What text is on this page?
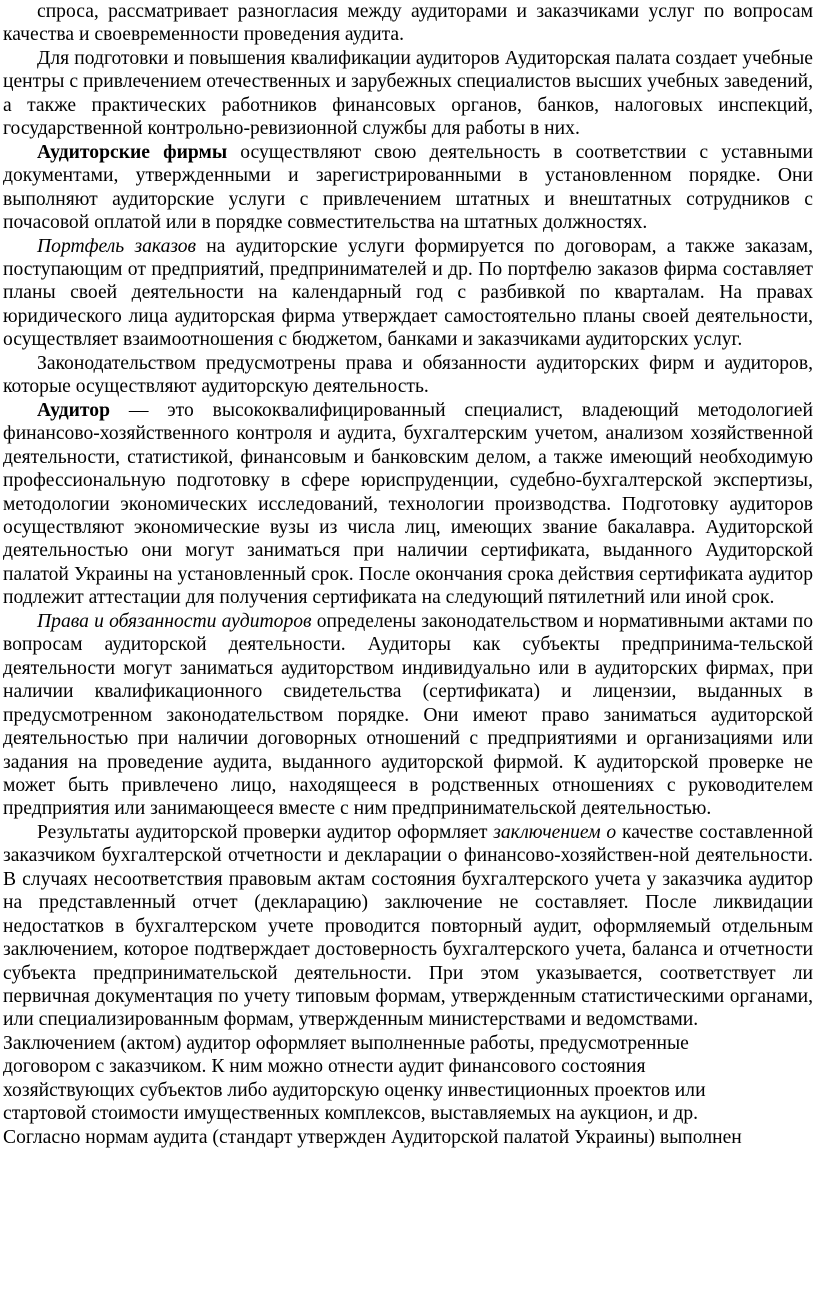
спроса, рассматривает разногласия между аудиторами и заказчиками услуг по вопросам качества и своевременности проведения аудита.

Для подготовки и повышения квалификации аудиторов Аудиторская палата создает учебные центры с привлечением отечественных и зарубежных специалистов высших учебных заведений, а также практических работников финансовых органов, банков, налоговых инспекций, государственной контрольно-ревизионной службы для работы в них.

Аудиторские фирмы осуществляют свою деятельность в соответствии с уставными документами, утвержденными и зарегистрированными в установленном порядке. Они выполняют аудиторские услуги с привлечением штатных и внештатных сотрудников с почасовой оплатой или в порядке совместительства на штатных должностях.

Портфель заказов на аудиторские услуги формируется по договорам, а также заказам, поступающим от предприятий, предпринимателей и др. По портфелю заказов фирма составляет планы своей деятельности на календарный год с разбивкой по кварталам. На правах юридического лица аудиторская фирма утверждает самостоятельно планы своей деятельности, осуществляет взаимоотношения с бюджетом, банками и заказчиками аудиторских услуг.

Законодательством предусмотрены права и обязанности аудиторских фирм и аудиторов, которые осуществляют аудиторскую деятельность.

Аудитор — это высококвалифицированный специалист, владеющий методологией финансово-хозяйственного контроля и аудита, бухгалтерским учетом, анализом хозяйственной деятельности, статистикой, финансовым и банковским делом, а также имеющий необходимую профессиональную подготовку в сфере юриспруденции, судебно-бухгалтерской экспертизы, методологии экономических исследований, технологии производства. Подготовку аудиторов осуществляют экономические вузы из числа лиц, имеющих звание бакалавра. Аудиторской деятельностью они могут заниматься при наличии сертификата, выданного Аудиторской палатой Украины на установленный срок. После окончания срока действия сертификата аудитор подлежит аттестации для получения сертификата на следующий пятилетний или иной срок.

Права и обязанности аудиторов определены законодательством и нормативными актами по вопросам аудиторской деятельности. Аудиторы как субъекты предпринима-тельской деятельности могут заниматься аудиторством индивидуально или в аудиторских фирмах, при наличии квалификационного свидетельства (сертификата) и лицензии, выданных в предусмотренном законодательством порядке. Они имеют право заниматься аудиторской деятельностью при наличии договорных отношений с предприятиями и организациями или задания на проведение аудита, выданного аудиторской фирмой. К аудиторской проверке не может быть привлечено лицо, находящееся в родственных отношениях с руководителем предприятия или занимающееся вместе с ним предпринимательской деятельностью.

Результаты аудиторской проверки аудитор оформляет заключением о качестве составленной заказчиком бухгалтерской отчетности и декларации о финансово-хозяйствен-ной деятельности. В случаях несоответствия правовым актам состояния бухгалтерского учета у заказчика аудитор на представленный отчет (декларацию) заключение не составляет. После ликвидации недостатков в бухгалтерском учете проводится повторный аудит, оформляемый отдельным заключением, которое подтверждает достоверность бухгалтерского учета, баланса и отчетности субъекта предпринимательской деятельности. При этом указывается, соответствует ли первичная документация по учету типовым формам, утвержденным статистическими органами, или специализированным формам, утвержденным министерствами и ведомствами.

Заключением (актом) аудитор оформляет выполненные работы, предусмотренные
договором с заказчиком. К ним можно отнести аудит финансового состояния
хозяйствующих субъектов либо аудиторскую оценку инвестиционных проектов или
стартовой стоимости имущественных комплексов, выставляемых на аукцион, и др.

Согласно нормам аудита (стандарт утвержден Аудиторской палатой Украины) выполнен
